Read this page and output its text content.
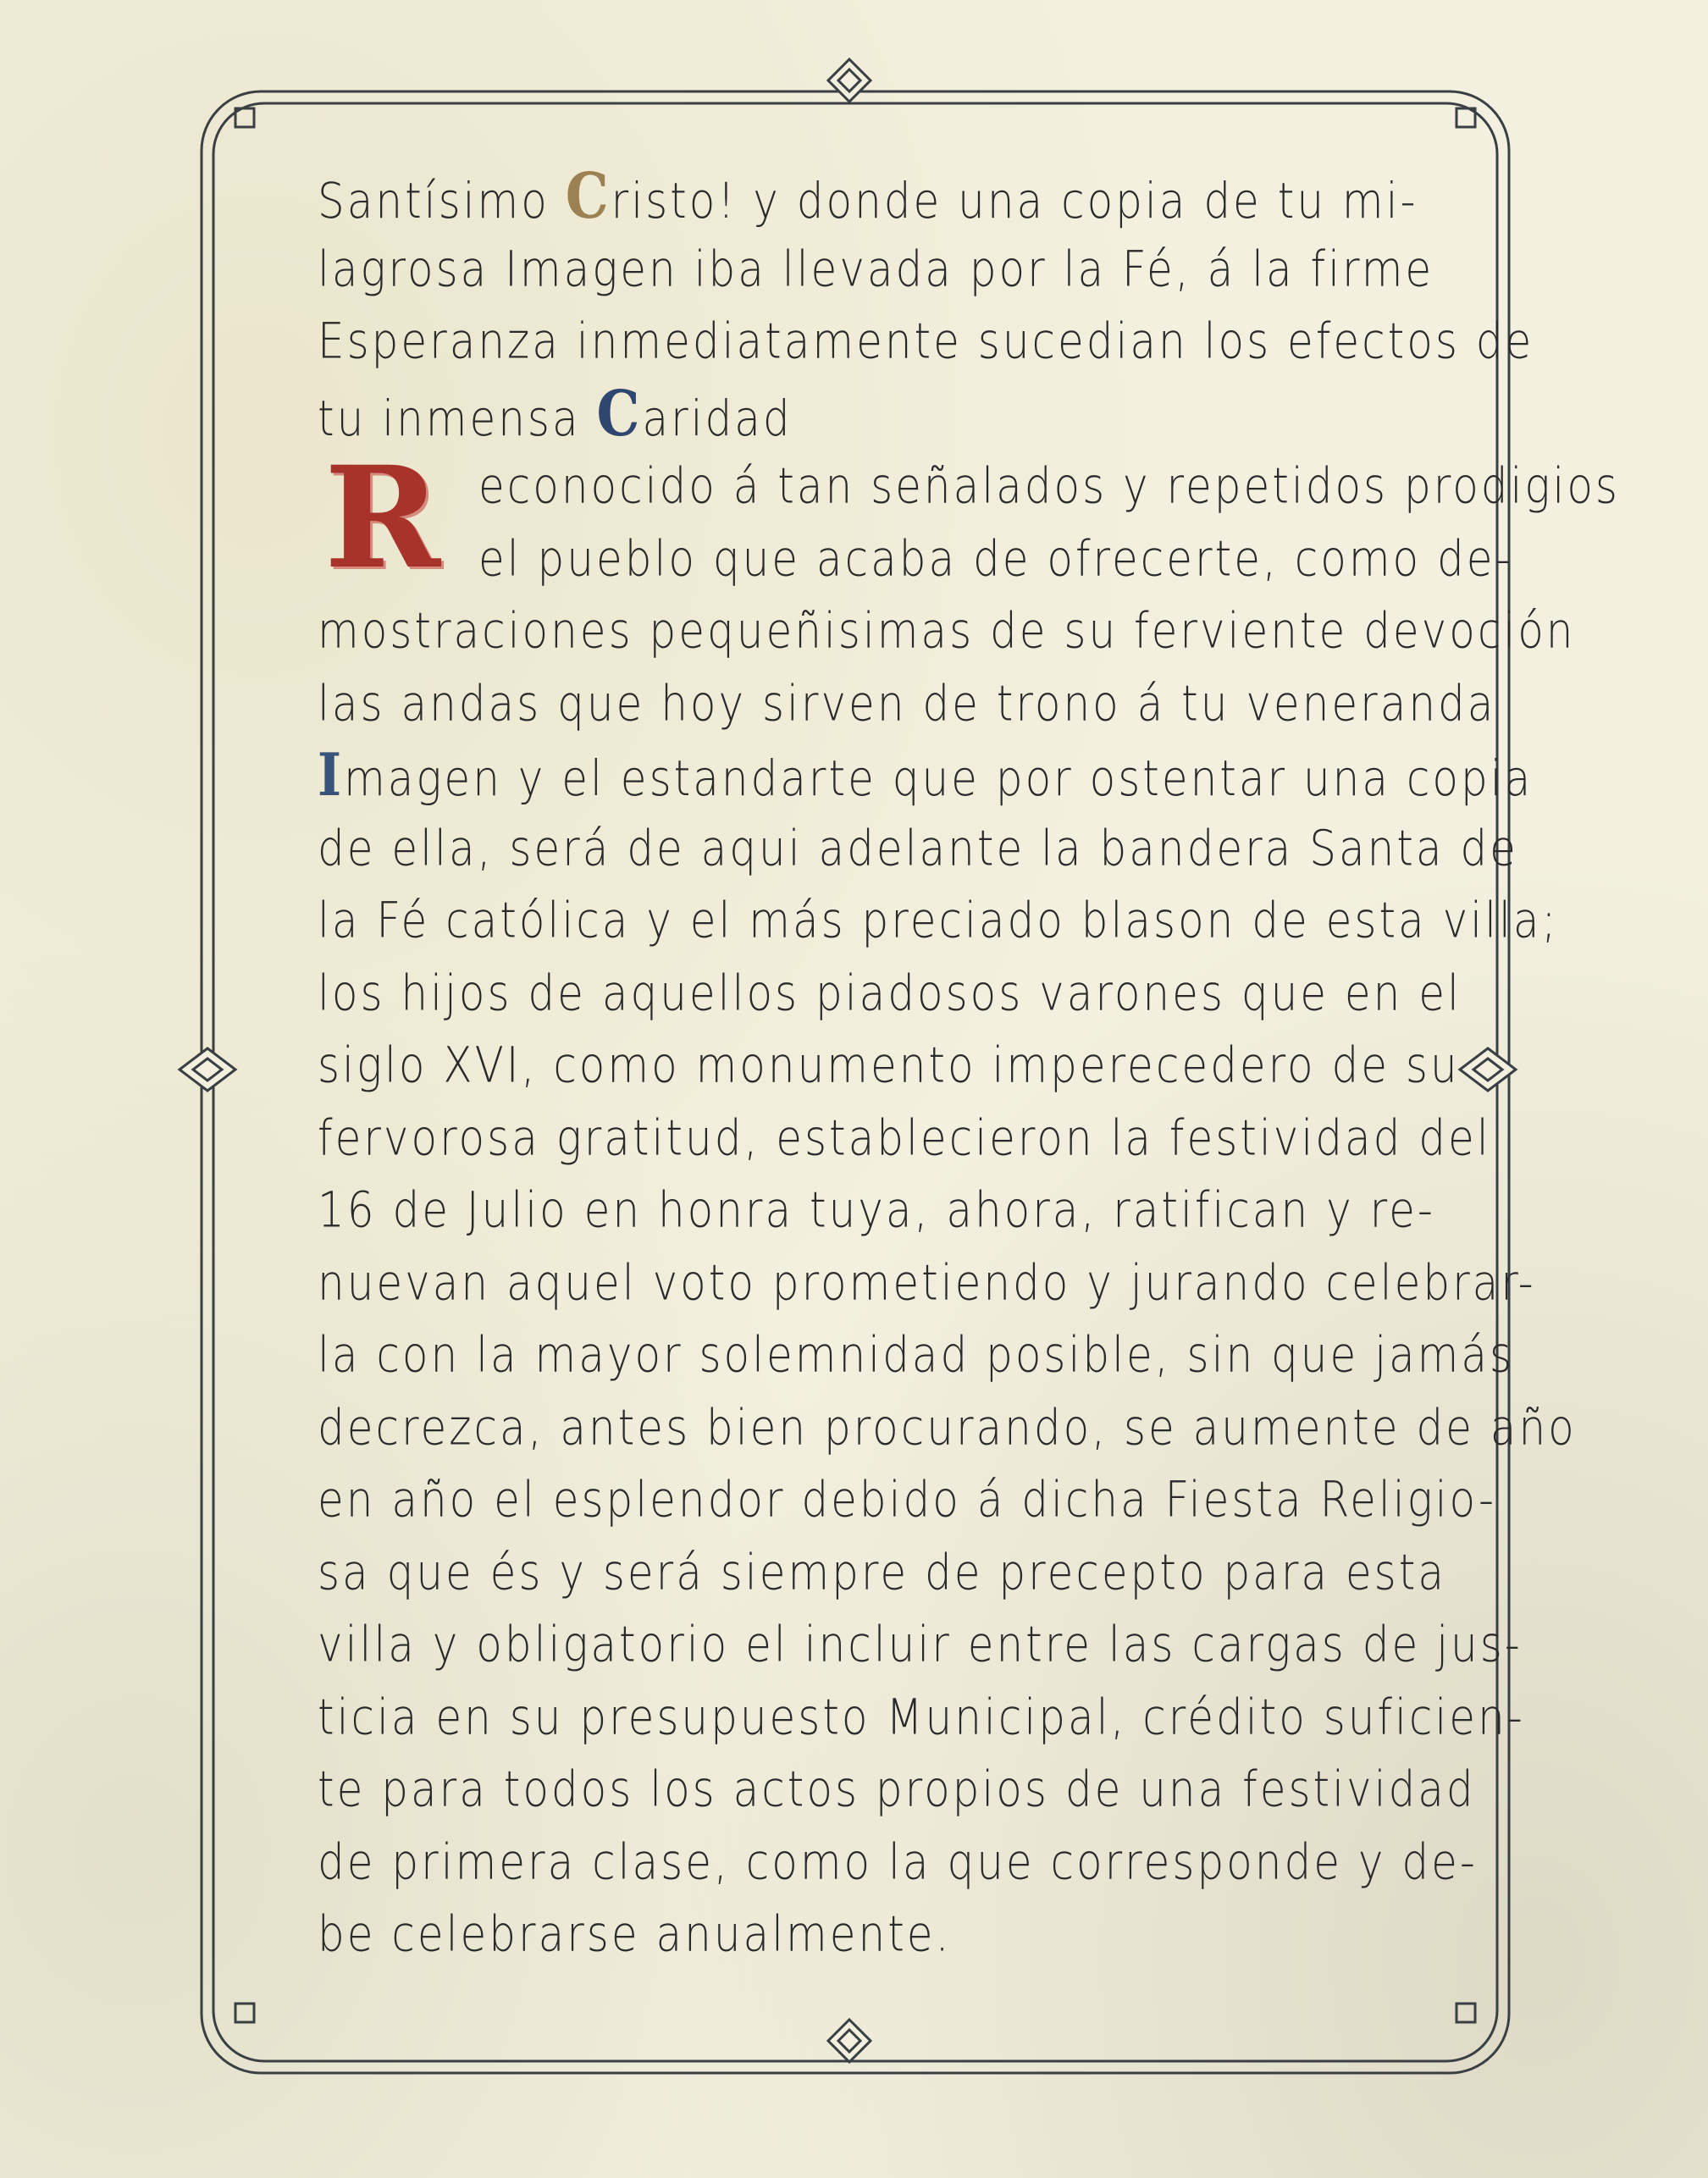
R
Santísimo Cristo! y donde una copia de tu mi-
lagrosa Imagen iba llevada por la Fé, á la firme
Esperanza inmediatamente sucedian los efectos de
tu inmensa Caridad
econocido á tan señalados y repetidos prodigios
el pueblo que acaba de ofrecerte, como de-
mostraciones pequeñisimas de su ferviente devoción
las andas que hoy sirven de trono á tu veneranda
Imagen y el estandarte que por ostentar una copia
de ella, será de aqui adelante la bandera Santa de
la Fé católica y el más preciado blason de esta villa;
los hijos de aquellos piadosos varones que en el
siglo XVI, como monumento imperecedero de su
fervorosa gratitud, establecieron la festividad del
16 de Julio en honra tuya, ahora, ratifican y re-
nuevan aquel voto prometiendo y jurando celebrar-
la con la mayor solemnidad posible, sin que jamás
decrezca, antes bien procurando, se aumente de año
en año el esplendor debido á dicha Fiesta Religio-
sa que és y será siempre de precepto para esta
villa y obligatorio el incluir entre las cargas de jus-
ticia en su presupuesto Municipal, crédito suficien-
te para todos los actos propios de una festividad
de primera clase, como la que corresponde y de-
be celebrarse anualmente.
